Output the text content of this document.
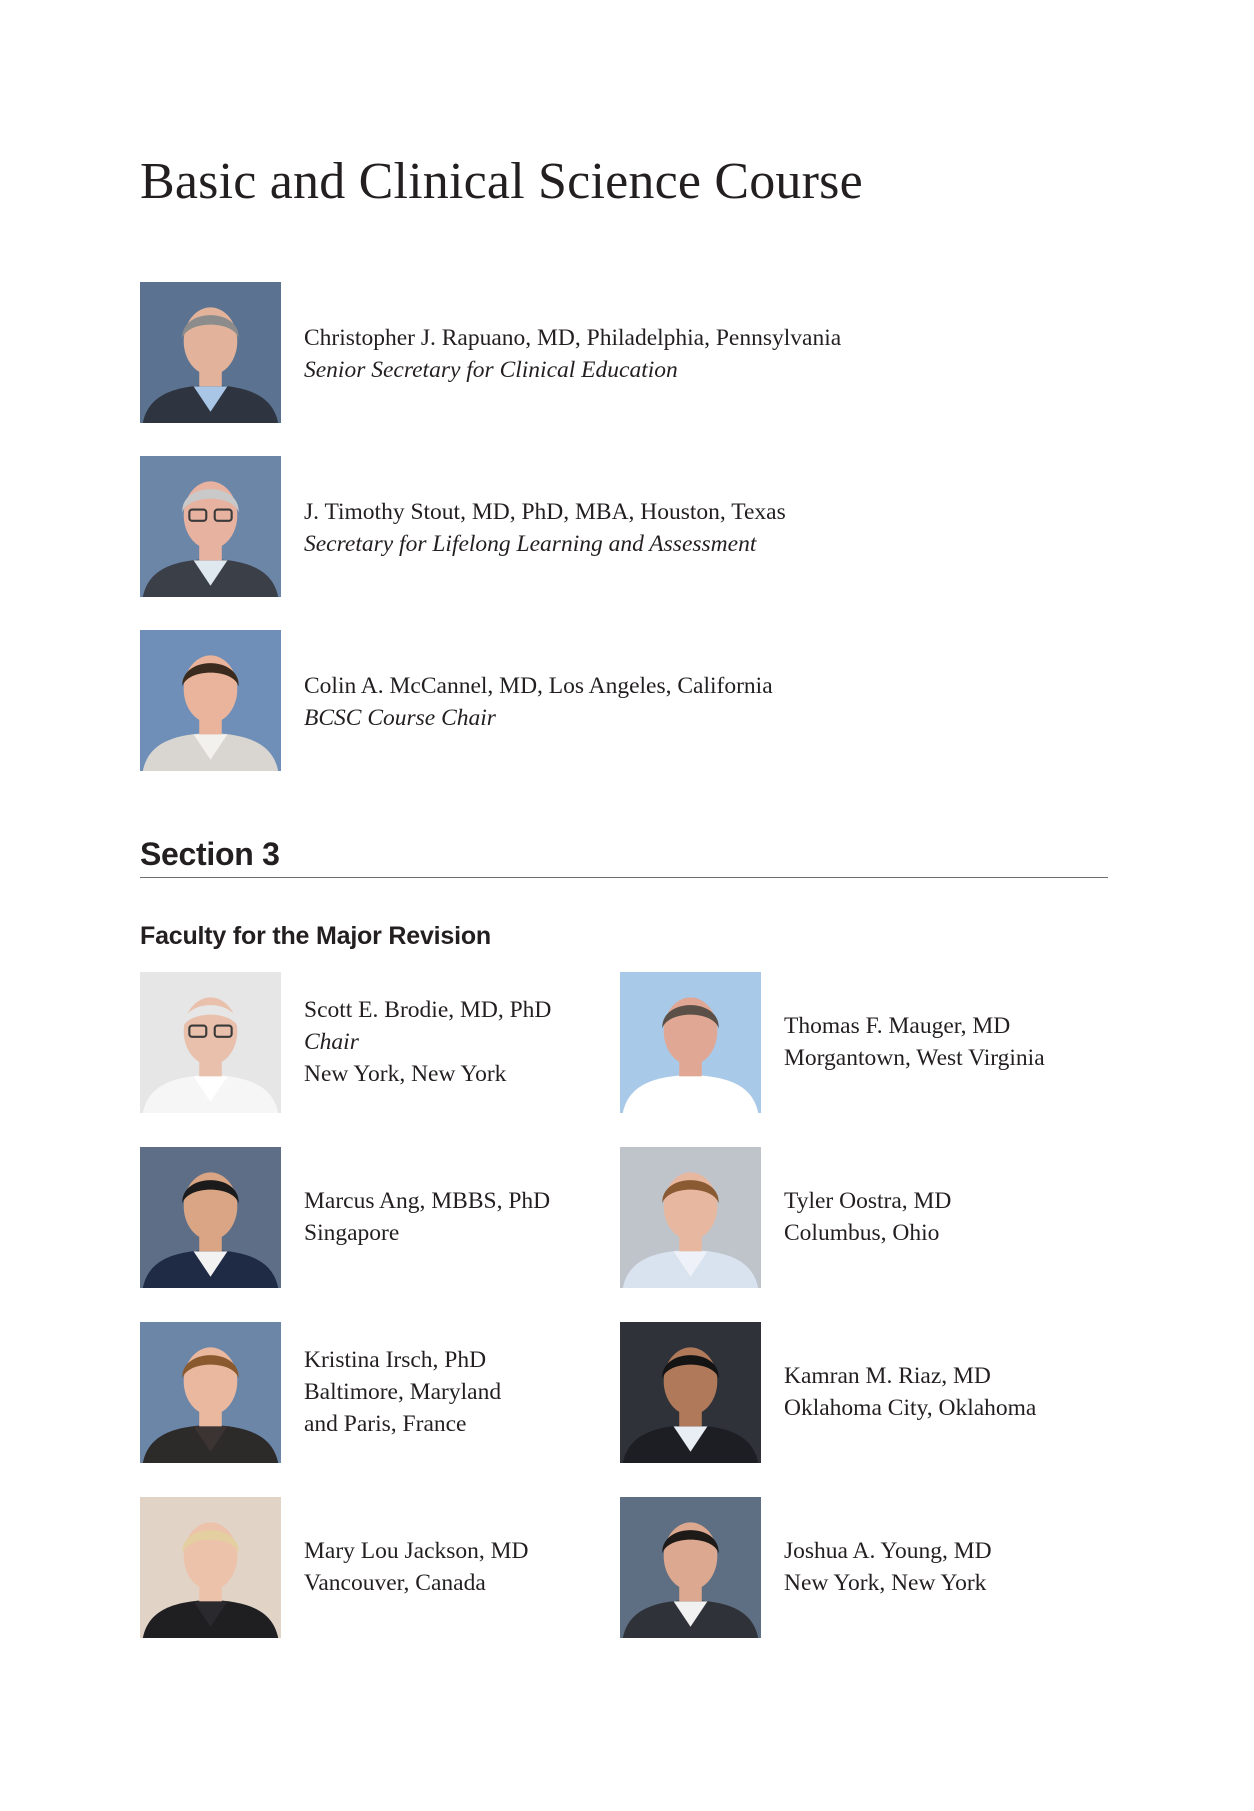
Basic and Clinical Science Course
Christopher J. Rapuano, MD, Philadelphia, Pennsylvania
Senior Secretary for Clinical Education
J. Timothy Stout, MD, PhD, MBA, Houston, Texas
Secretary for Lifelong Learning and Assessment
Colin A. McCannel, MD, Los Angeles, California
BCSC Course Chair
Section 3
Faculty for the Major Revision
Scott E. Brodie, MD, PhD
Chair
New York, New York
Thomas F. Mauger, MD
Morgantown, West Virginia
Marcus Ang, MBBS, PhD
Singapore
Tyler Oostra, MD
Columbus, Ohio
Kristina Irsch, PhD
Baltimore, Maryland
and Paris, France
Kamran M. Riaz, MD
Oklahoma City, Oklahoma
Mary Lou Jackson, MD
Vancouver, Canada
Joshua A. Young, MD
New York, New York
